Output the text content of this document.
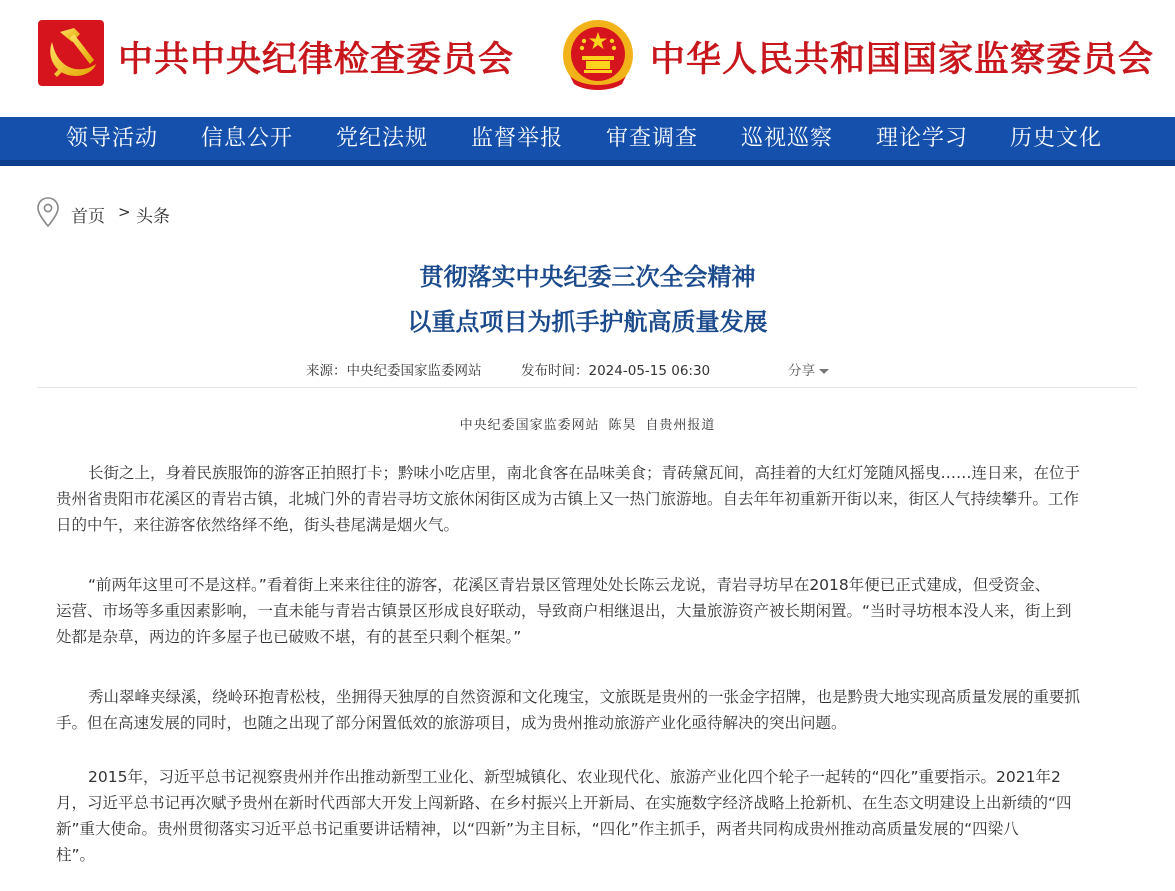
中共中央纪律检查委员会	中华人民共和国国家监察委员会
领导活动 信息公开 党纪法规 监督举报 审查调查 巡视巡察 理论学习 历史文化
首页 > 头条
贯彻落实中央纪委三次全会精神
以重点项目为抓手护航高质量发展
来源：中央纪委国家监委网站	发布时间：2024-05-15 06:30	分享
中央纪委国家监委网站 陈昊 自贵州报道
长街之上，身着民族服饰的游客正拍照打卡；黔味小吃店里，南北食客在品味美食；青砖黛瓦间，高挂着的大红灯笼随风摇曳……连日来，在位于
贵州省贵阳市花溪区的青岩古镇，北城门外的青岩寻坊文旅休闲街区成为古镇上又一热门旅游地。自去年年初重新开街以来，街区人气持续攀升。工作
日的中午，来往游客依然络绎不绝，街头巷尾满是烟火气。
“前两年这里可不是这样。”看着街上来来往往的游客，花溪区青岩景区管理处处长陈云龙说，青岩寻坊早在2018年便已正式建成，但受资金、
运营、市场等多重因素影响，一直未能与青岩古镇景区形成良好联动，导致商户相继退出，大量旅游资产被长期闲置。“当时寻坊根本没人来，街上到
处都是杂草，两边的许多屋子也已破败不堪，有的甚至只剩个框架。”
秀山翠峰夹绿溪，绕岭环抱青松枝，坐拥得天独厚的自然资源和文化瑰宝，文旅既是贵州的一张金字招牌，也是黔贵大地实现高质量发展的重要抓
手。但在高速发展的同时，也随之出现了部分闲置低效的旅游项目，成为贵州推动旅游产业化亟待解决的突出问题。
2015年，习近平总书记视察贵州并作出推动新型工业化、新型城镇化、农业现代化、旅游产业化四个轮子一起转的“四化”重要指示。2021年2
月，习近平总书记再次赋予贵州在新时代西部大开发上闯新路、在乡村振兴上开新局、在实施数字经济战略上抢新机、在生态文明建设上出新绩的“四
新”重大使命。贵州贯彻落实习近平总书记重要讲话精神，以“四新”为主目标，“四化”作主抓手，两者共同构成贵州推动高质量发展的“四梁八
柱”。
